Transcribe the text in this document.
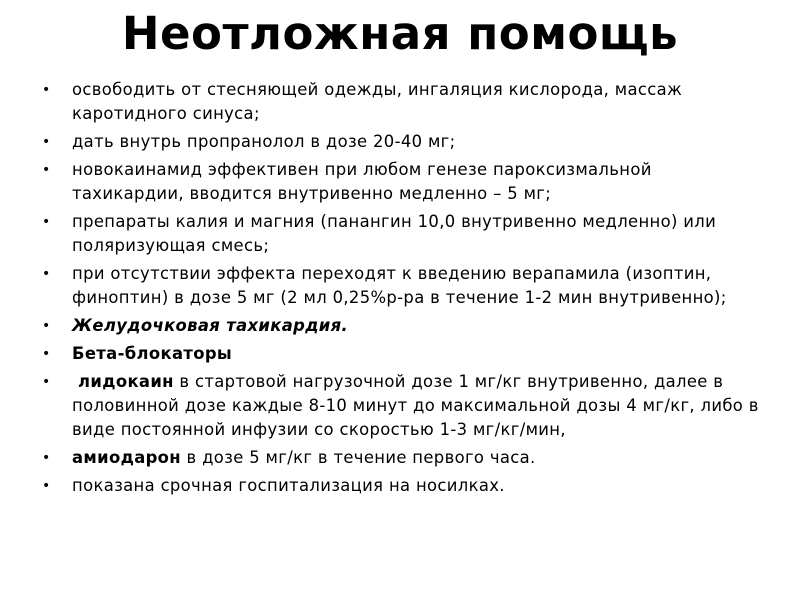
Неотложная помощь
• освободить от стесняющей одежды, ингаляция кислорода, массаж каротидного синуса;
• дать внутрь пропранолол в дозе 20-40 мг;
• новокаинамид эффективен при любом генезе пароксизмальной тахикардии, вводится внутривенно медленно – 5 мг;
• препараты калия и магния (панангин 10,0 внутривенно медленно) или поляризующая смесь;
• при отсутствии эффекта переходят к введению верапамила (изоптин, финоптин) в дозе 5 мг (2 мл 0,25%р-ра в течение 1-2 мин внутривенно);
• Желудочковая тахикардия.
• Бета-блокаторы
• лидокаин в стартовой нагрузочной дозе 1 мг/кг внутривенно, далее в половинной дозе каждые 8-10 минут до максимальной дозы 4 мг/кг, либо в виде постоянной инфузии со скоростью 1-3 мг/кг/мин,
• амиодарон в дозе 5 мг/кг в течение первого часа.
• показана срочная госпитализация на носилках.
